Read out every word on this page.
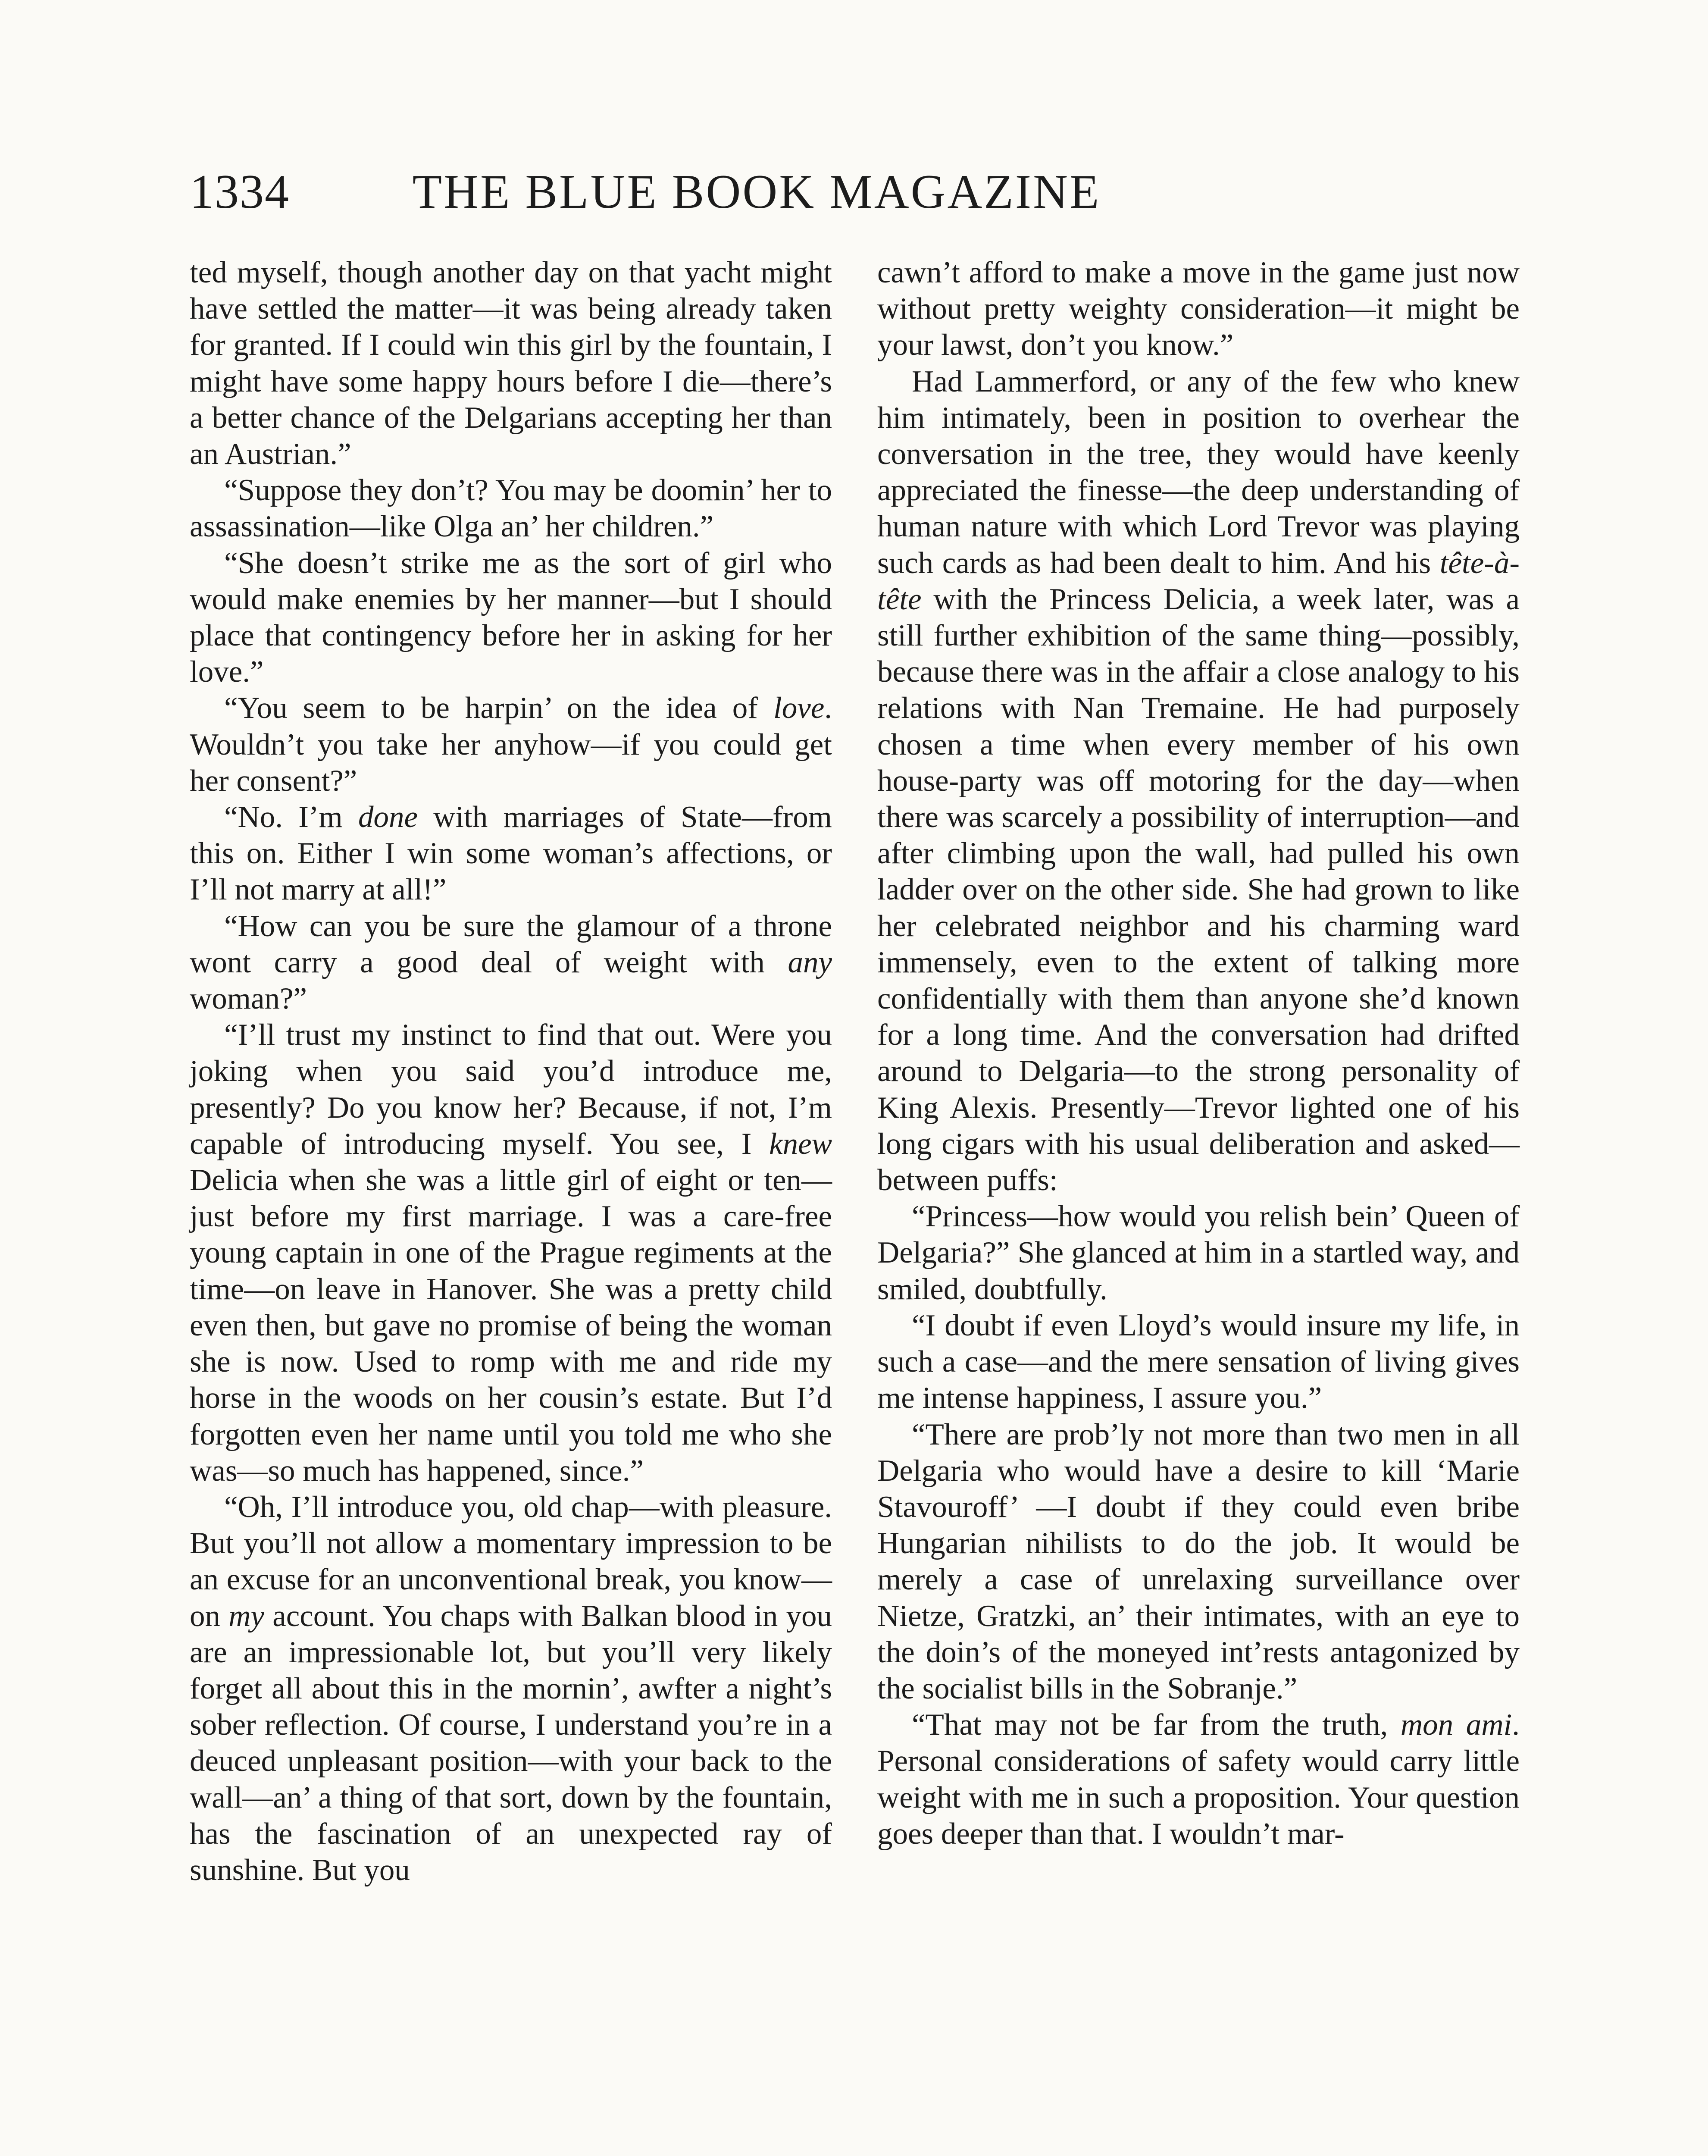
1334	THE BLUE BOOK MAGAZINE

ted myself, though another day on that yacht might have settled the matter—it was being already taken for granted. If I could win this girl by the fountain, I might have some happy hours before I die—there’s a better chance of the Delgarians accepting her than an Austrian.”

“Suppose they don’t? You may be doomin’ her to assassination—like Olga an’ her children.”

“She doesn’t strike me as the sort of girl who would make enemies by her manner—but I should place that contingency before her in asking for her love.”

“You seem to be harpin’ on the idea of love. Wouldn’t you take her anyhow—if you could get her consent?”

“No. I’m done with marriages of State—from this on. Either I win some woman’s affections, or I’ll not marry at all!”

“How can you be sure the glamour of a throne wont carry a good deal of weight with any woman?”

“I’ll trust my instinct to find that out. Were you joking when you said you’d introduce me, presently? Do you know her? Because, if not, I’m capable of introducing myself. You see, I knew Delicia when she was a little girl of eight or ten—just before my first marriage. I was a care-free young captain in one of the Prague regiments at the time—on leave in Hanover. She was a pretty child even then, but gave no promise of being the woman she is now. Used to romp with me and ride my horse in the woods on her cousin’s estate. But I’d forgotten even her name until you told me who she was—so much has happened, since.”

“Oh, I’ll introduce you, old chap—with pleasure. But you’ll not allow a momentary impression to be an excuse for an unconventional break, you know—on my account. You chaps with Balkan blood in you are an impressionable lot, but you’ll very likely forget all about this in the mornin’, awfter a night’s sober reflection. Of course, I understand you’re in a deuced unpleasant position—with your back to the wall—an’ a thing of that sort, down by the fountain, has the fascination of an unexpected ray of sunshine. But you

cawn’t afford to make a move in the game just now without pretty weighty consideration—it might be your lawst, don’t you know.”

Had Lammerford, or any of the few who knew him intimately, been in position to overhear the conversation in the tree, they would have keenly appreciated the finesse—the deep understanding of human nature with which Lord Trevor was playing such cards as had been dealt to him. And his tête-à-tête with the Princess Delicia, a week later, was a still further exhibition of the same thing—possibly, because there was in the affair a close analogy to his relations with Nan Tremaine. He had purposely chosen a time when every member of his own house-party was off motoring for the day—when there was scarcely a possibility of interruption—and after climbing upon the wall, had pulled his own ladder over on the other side. She had grown to like her celebrated neighbor and his charming ward immensely, even to the extent of talking more confidentially with them than anyone she’d known for a long time. And the conversation had drifted around to Delgaria—to the strong personality of King Alexis. Presently—Trevor lighted one of his long cigars with his usual deliberation and asked—between puffs:

“Princess—how would you relish bein’ Queen of Delgaria?” She glanced at him in a startled way, and smiled, doubtfully.

“I doubt if even Lloyd’s would insure my life, in such a case—and the mere sensation of living gives me intense happiness, I assure you.”

“There are prob’ly not more than two men in all Delgaria who would have a desire to kill ‘Marie Stavouroff’ —I doubt if they could even bribe Hungarian nihilists to do the job. It would be merely a case of unrelaxing surveillance over Nietze, Gratzki, an’ their intimates, with an eye to the doin’s of the moneyed int’rests antagonized by the socialist bills in the Sobranje.”

“That may not be far from the truth, mon ami. Personal considerations of safety would carry little weight with me in such a proposition. Your question goes deeper than that. I wouldn’t mar-
